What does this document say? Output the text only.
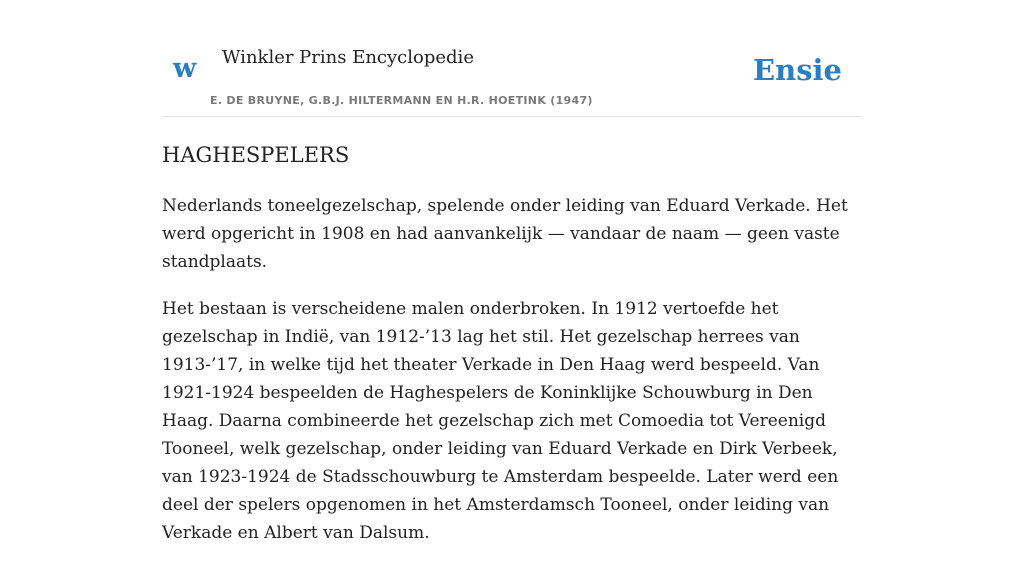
w Winkler Prins Encyclopedie	Ensie
E. DE BRUYNE, G.B.J. HILTERMANN EN H.R. HOETINK (1947)
HAGHESPELERS

Nederlands toneelgezelschap, spelende onder leiding van Eduard Verkade. Het werd opgericht in 1908 en had aanvankelijk — vandaar de naam — geen vaste standplaats.

Het bestaan is verscheidene malen onderbroken. In 1912 vertoefde het gezelschap in Indië, van 1912-’13 lag het stil. Het gezelschap herrees van 1913-’17, in welke tijd het theater Verkade in Den Haag werd bespeeld. Van 1921-1924 bespeelden de Haghespelers de Koninklijke Schouwburg in Den Haag. Daarna combineerde het gezelschap zich met Comoedia tot Vereenigd Tooneel, welk gezelschap, onder leiding van Eduard Verkade en Dirk Verbeek, van 1923-1924 de Stadsschouwburg te Amsterdam bespeelde. Later werd een deel der spelers opgenomen in het Amsterdamsch Tooneel, onder leiding van Verkade en Albert van Dalsum.
